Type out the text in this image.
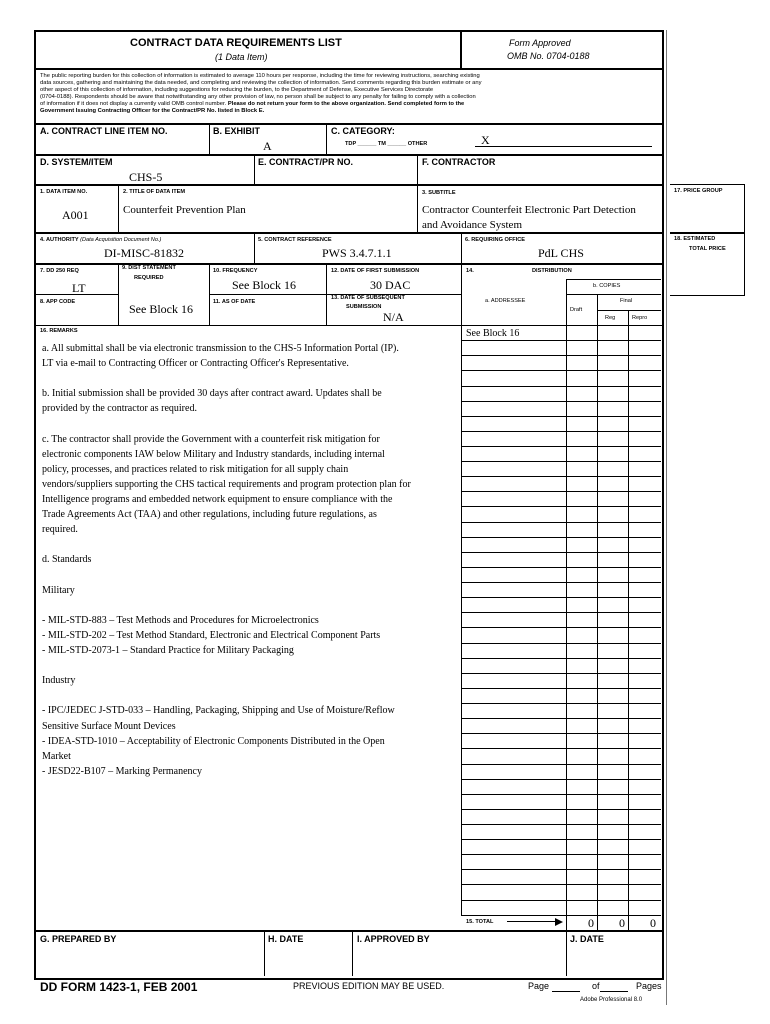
CONTRACT DATA REQUIREMENTS LIST
(1 Data Item)
Form Approved
OMB No. 0704-0188
The public reporting burden for this collection of information is estimated to average 110 hours per response, including the time for reviewing instructions, searching existing
data sources, gathering and maintaining the data needed, and completing and reviewing the collection of information. Send comments regarding this burden estimate or any
other aspect of this collection of information, including suggestions for reducing the burden, to the Department of Defense, Executive Services Directorate
(0704-0188). Respondents should be aware that notwithstanding any other provision of law, no person shall be subject to any penalty for failing to comply with a collection
of information if it does not display a currently valid OMB control number. Please do not return your form to the above organization. Send completed form to the
Government Issuing Contracting Officer for the Contract/PR No. listed in Block E.
A. CONTRACT LINE ITEM NO.	B. EXHIBIT
A
C. CATEGORY:
TDP ______ TM ______ OTHER	X
D. SYSTEM/ITEM
CHS-5
E. CONTRACT/PR NO.	F. CONTRACTOR
1. DATA ITEM NO.
A001
2. TITLE OF DATA ITEM
Counterfeit Prevention Plan
3. SUBTITLE
Contractor Counterfeit Electronic Part Detection
and Avoidance System
4. AUTHORITY (Data Acquisition Document No.)
DI-MISC-81832
5. CONTRACT REFERENCE
PWS 3.4.7.1.1
6. REQUIRING OFFICE
PdL CHS
17. PRICE GROUP
18. ESTIMATED
TOTAL PRICE
7. DD 250 REQ
LT
8. APP CODE
9. DIST STATEMENT
REQUIRED
See Block 16
10. FREQUENCY
See Block 16
11. AS OF DATE
12. DATE OF FIRST SUBMISSION
30 DAC
13. DATE OF SUBSEQUENT
SUBMISSION
N/A
14.	DISTRIBUTION
b. COPIES
a. ADDRESSEE
Draft
Final
Reg	Repro
See Block 16
16. REMARKS
a. All submittal shall be via electronic transmission to the CHS-5 Information Portal (IP).
LT via e-mail to Contracting Officer or Contracting Officer's Representative.
b. Initial submission shall be provided 30 days after contract award. Updates shall be
provided by the contractor as required.
c. The contractor shall provide the Government with a counterfeit risk mitigation for
electronic components IAW below Military and Industry standards, including internal
policy, processes, and practices related to risk mitigation for all supply chain
vendors/suppliers supporting the CHS tactical requirements and program protection plan for
Intelligence programs and embedded network equipment to ensure compliance with the
Trade Agreements Act (TAA) and other regulations, including future regulations, as
required.
d. Standards
Military
- MIL-STD-883 – Test Methods and Procedures for Microelectronics
- MIL-STD-202 – Test Method Standard, Electronic and Electrical Component Parts
- MIL-STD-2073-1 – Standard Practice for Military Packaging
Industry
- IPC/JEDEC J-STD-033 – Handling, Packaging, Shipping and Use of Moisture/Reflow
Sensitive Surface Mount Devices
- IDEA-STD-1010 – Acceptability of Electronic Components Distributed in the Open
Market
- JESD22-B107 – Marking Permanency
15. TOTAL	0 0 0
G. PREPARED BY	H. DATE	I. APPROVED BY	J. DATE
DD FORM 1423-1, FEB 2001	PREVIOUS EDITION MAY BE USED.	Page	of	Pages
Adobe Professional 8.0
